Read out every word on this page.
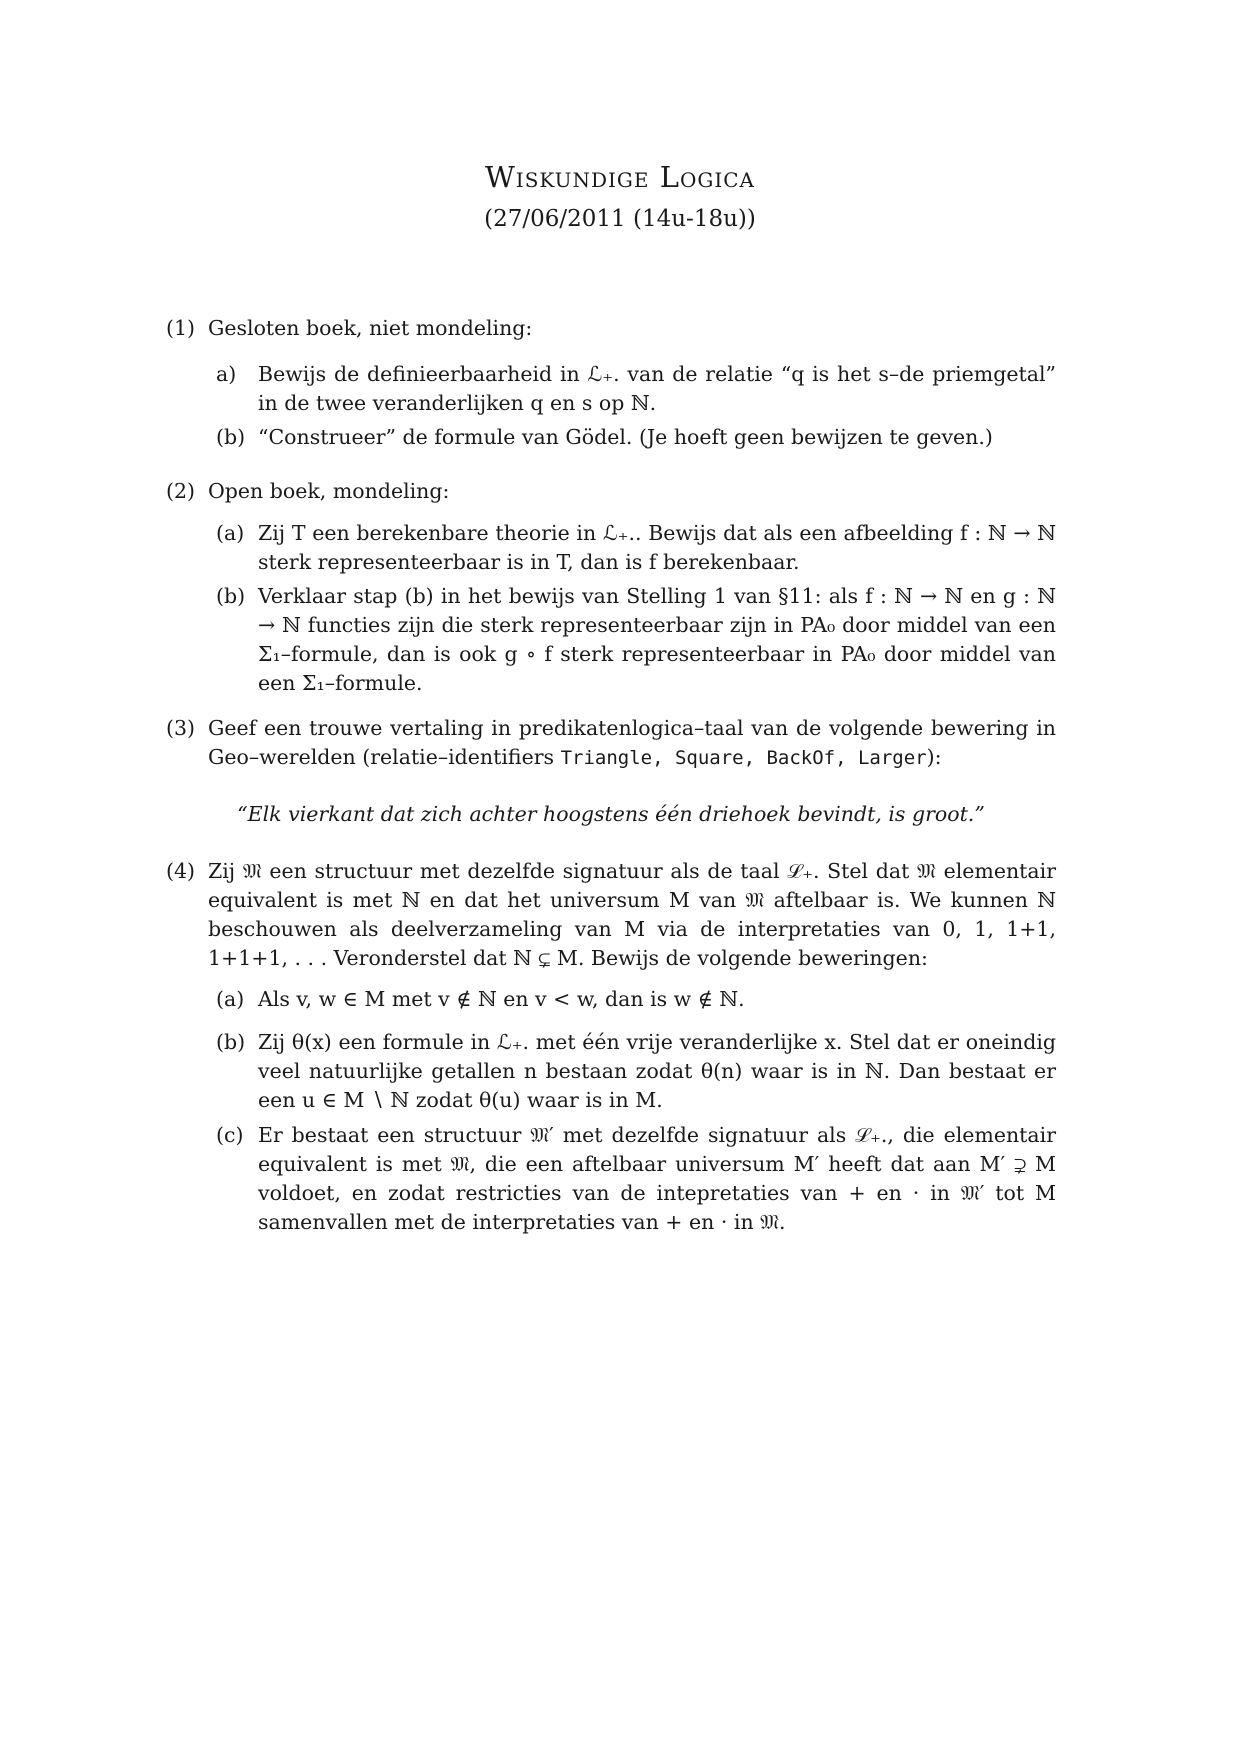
Wiskundige Logica
(27/06/2011 (14u-18u))
(1) Gesloten boek, niet mondeling:
a)	Bewijs de definieerbaarheid in ℒ₊. van de relatie “q is het s–de priemgetal” in de twee veranderlijken q en s op ℕ.
(b) “Construeer” de formule van Gödel. (Je hoeft geen bewijzen te geven.)
(2) Open boek, mondeling:
(a) Zij T een berekenbare theorie in ℒ₊.. Bewijs dat als een afbeelding f : ℕ → ℕ sterk representeerbaar is in T, dan is f berekenbaar.
(b) Verklaar stap (b) in het bewijs van Stelling 1 van §11: als f : ℕ → ℕ en g : ℕ → ℕ functies zijn die sterk representeerbaar zijn in PA₀ door middel van een Σ₁–formule, dan is ook g ∘ f sterk representeerbaar in PA₀ door middel van een Σ₁–formule.
(3) Geef een trouwe vertaling in predikatenlogica–taal van de volgende bewering in Geo–werelden (relatie–identifiers Triangle, Square, BackOf, Larger):
“Elk vierkant dat zich achter hoogstens één driehoek bevindt, is groot.”
(4) Zij 𝔐 een structuur met dezelfde signatuur als de taal ℒ₊. Stel dat 𝔐 elementair equivalent is met ℕ en dat het universum M van 𝔐 aftelbaar is. We kunnen ℕ beschouwen als deelverzameling van M via de interpretaties van 0, 1, 1+1, 1+1+1, . . . Veronderstel dat ℕ ⊊ M. Bewijs de volgende beweringen:
(a) Als v, w ∈ M met v ∉ ℕ en v < w, dan is w ∉ ℕ.
(b) Zij θ(x) een formule in ℒ₊. met één vrije veranderlijke x. Stel dat er oneindig veel natuurlijke getallen n bestaan zodat θ(n) waar is in ℕ. Dan bestaat er een u ∈ M ∖ ℕ zodat θ(u) waar is in M.
(c) Er bestaat een structuur 𝔐′ met dezelfde signatuur als ℒ₊., die elementair equivalent is met 𝔐, die een aftelbaar universum M′ heeft dat aan M′ ⊋ M voldoet, en zodat restricties van de intepretaties van + en · in 𝔐′ tot M samenvallen met de interpretaties van + en · in 𝔐.
